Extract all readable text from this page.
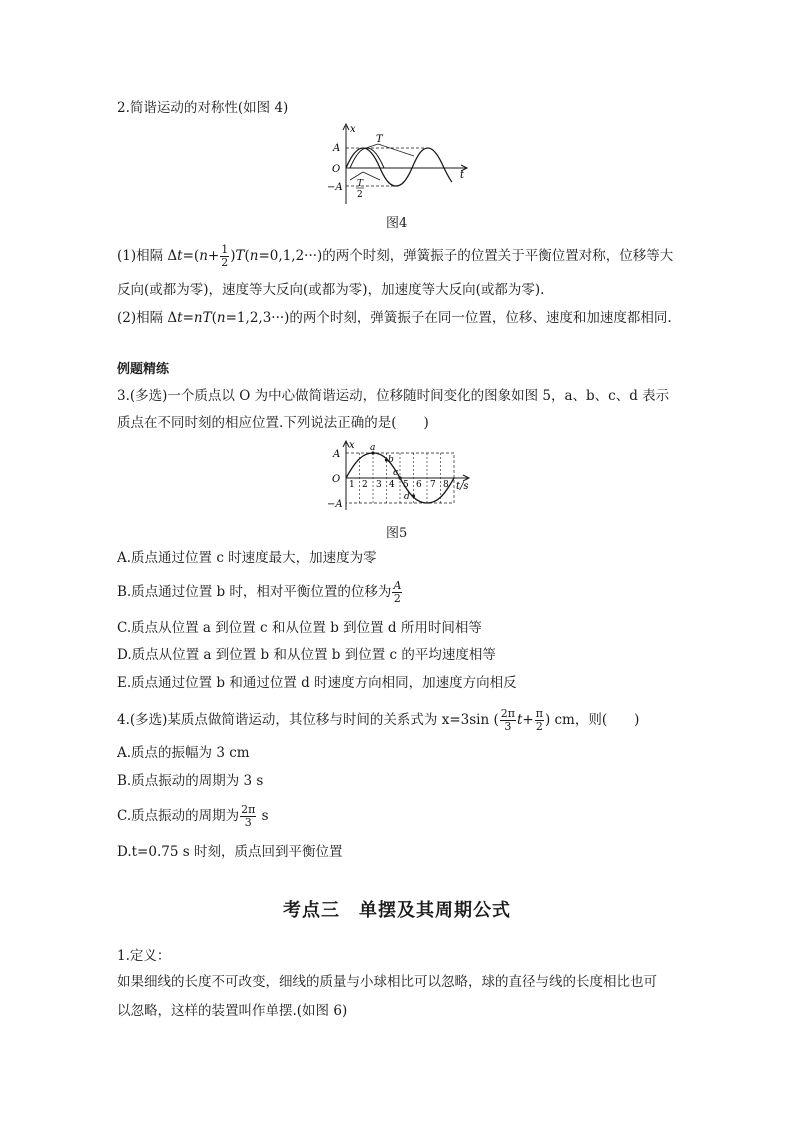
2.简谐运动的对称性(如图 4)
x
A
O
−A
t
T
T
2
图4
(1)相隔 $\Delta t=(n+ \frac{1}{2} )T(n=0,1,2\cdot\cdot\cdot)$的两个时刻，弹簧振子的位置关于平衡位置对称，位移等大
反向(或都为零)，速度等大反向(或都为零)，加速度等大反向(或都为零).
(2)相隔 Δt=nT(n=1,2,3···)的两个时刻，弹簧振子在同一位置，位移、速度和加速度都相同.
例题精练
3.(多选)一个质点以 O 为中心做简谐运动，位移随时间变化的图象如图 5，a、b、c、d 表示
质点在不同时刻的相应位置.下列说法正确的是(　　)
x
A
O
−A
t/s
a
b
c
d
1 2 3 4 5 6 7 8
图5
A.质点通过位置 c 时速度最大，加速度为零
B.质点通过位置 b 时，相对平衡位置的位移为 $\frac{A}{2}$
C.质点从位置 a 到位置 c 和从位置 b 到位置 d 所用时间相等
D.质点从位置 a 到位置 b 和从位置 b 到位置 c 的平均速度相等
E.质点通过位置 b 和通过位置 d 时速度方向相同，加速度方向相反
4.(多选)某质点做简谐运动，其位移与时间的关系式为 x=3sin ( $\frac{2\pi}{3} t+ \frac{\pi}{2}$ ) cm，则(　　)
A.质点的振幅为 3 cm
B.质点振动的周期为 3 s
C.质点振动的周期为 $\frac{2\pi}{3}$ s
D.t=0.75 s 时刻，质点回到平衡位置
考点三　单摆及其周期公式
1.定义：
如果细线的长度不可改变，细线的质量与小球相比可以忽略，球的直径与线的长度相比也可
以忽略，这样的装置叫作单摆.(如图 6)
